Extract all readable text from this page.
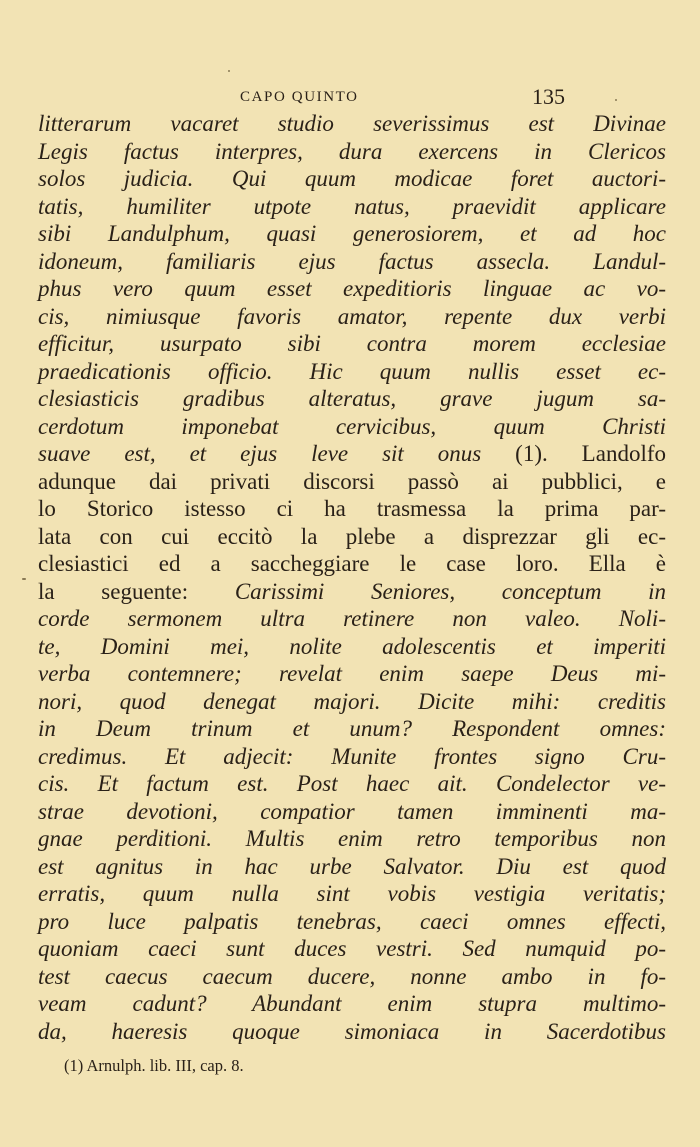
CAPO QUINTO	135
litterarum vacaret studio severissimus est Divinae
Legis factus interpres, dura exercens in Clericos
solos judicia. Qui quum modicae foret auctori-
tatis, humiliter utpote natus, praevidit applicare
sibi Landulphum, quasi generosiorem, et ad hoc
idoneum, familiaris ejus factus assecla. Landul-
phus vero quum esset expeditioris linguae ac vo-
cis, nimiusque favoris amator, repente dux verbi
efficitur, usurpato sibi contra morem ecclesiae
praedicationis officio. Hic quum nullis esset ec-
clesiasticis gradibus alteratus, grave jugum sa-
cerdotum imponebat cervicibus, quum Christi
suave est, et ejus leve sit onus (1). Landolfo
adunque dai privati discorsi passò ai pubblici, e
lo Storico istesso ci ha trasmessa la prima par-
lata con cui eccitò la plebe a disprezzar gli ec-
clesiastici ed a saccheggiare le case loro. Ella è
la seguente: Carissimi Seniores, conceptum in
corde sermonem ultra retinere non valeo. Noli-
te, Domini mei, nolite adolescentis et imperiti
verba contemnere; revelat enim saepe Deus mi-
nori, quod denegat majori. Dicite mihi: creditis
in Deum trinum et unum? Respondent omnes:
credimus. Et adjecit: Munite frontes signo Cru-
cis. Et factum est. Post haec ait. Condelector ve-
strae devotioni, compatior tamen imminenti ma-
gnae perditioni. Multis enim retro temporibus non
est agnitus in hac urbe Salvator. Diu est quod
erratis, quum nulla sint vobis vestigia veritatis;
pro luce palpatis tenebras, caeci omnes effecti,
quoniam caeci sunt duces vestri. Sed numquid po-
test caecus caecum ducere, nonne ambo in fo-
veam cadunt? Abundant enim stupra multimo-
da, haeresis quoque simoniaca in Sacerdotibus
(1) Arnulph. lib. III, cap. 8.
